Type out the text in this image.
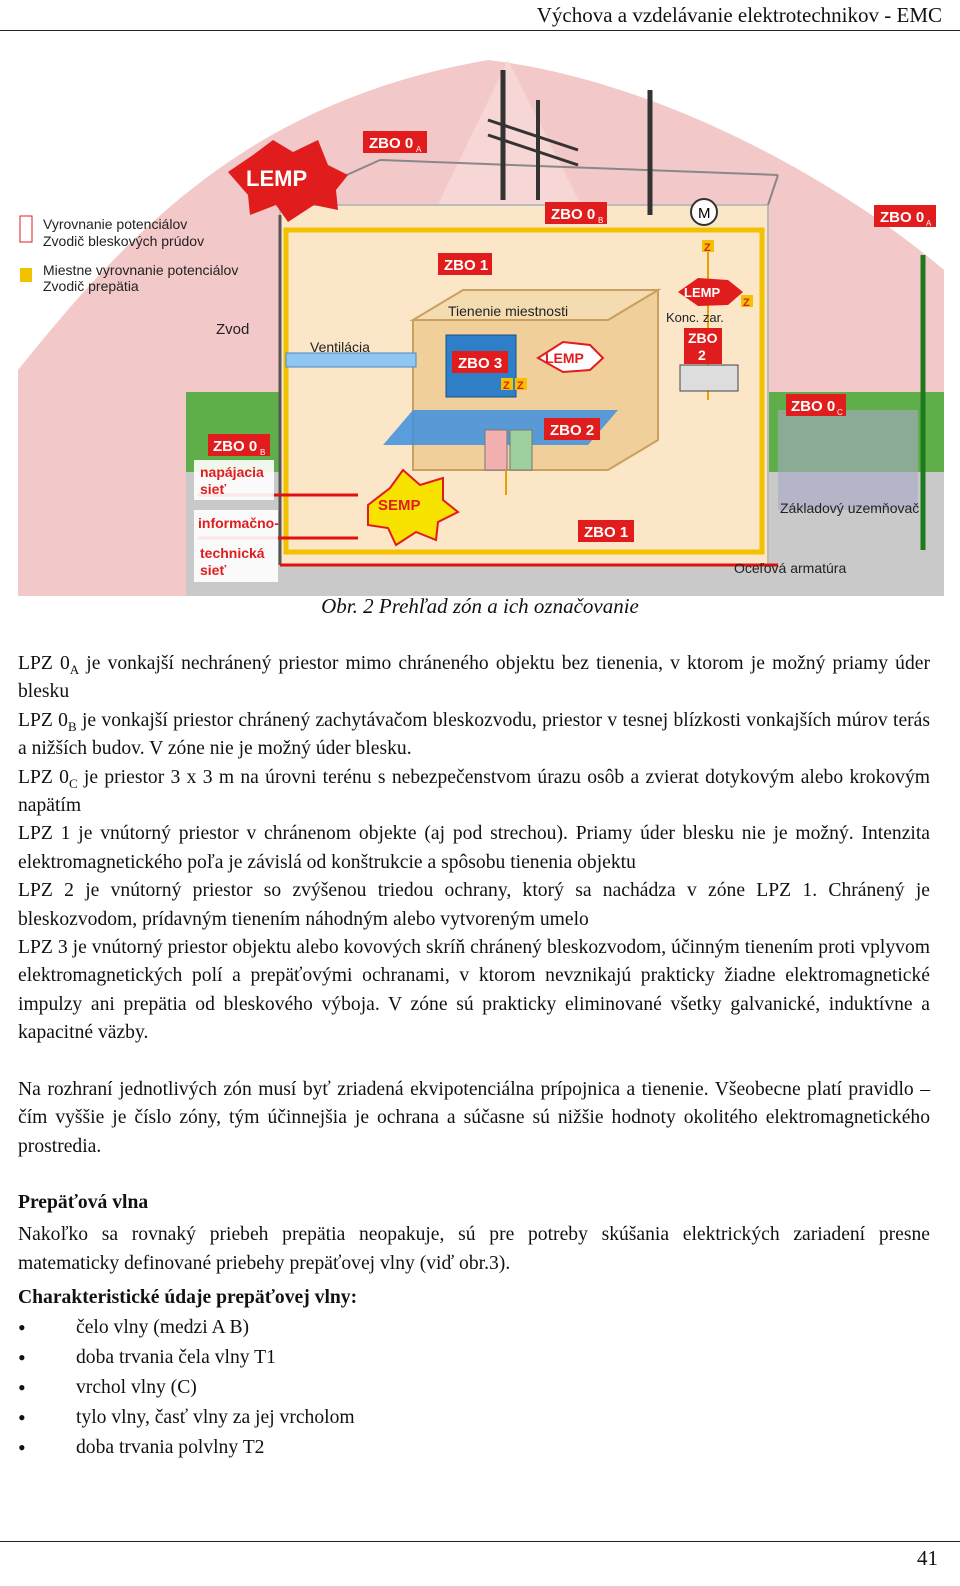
Výchova a vzdelávanie elektrotechnikov - EMC
M
LEMP
SEMP
ZBO 0 A
ZBO 0 A
ZBO 0 B
ZBO 1
ZBO 3	LEMP
LEMP
ZBO 2
ZBO
2
ZBO 0 C
ZBO 0 B
ZBO 1
napájacia
sieť
informačno-
technická
sieť
Ventilácia
Tienenie miestnosti	Konc. zar.
Základový uzemňovač
Oceľová armatúra
Z Z
Z
Z
Vyrovnanie potenciálov
Zvodič bleskových prúdov
Miestne vyrovnanie potenciálov
Zvodič prepätia
Zvod
Obr. 2 Prehľad zón a ich označovanie

LPZ $0_A$ je vonkajší nechránený priestor mimo chráneného objektu bez tienenia, v ktorom je možný priamy úder blesku

LPZ $0_B$ je vonkajší priestor chránený zachytávačom bleskozvodu, priestor v tesnej blízkosti vonkajších múrov terás a nižších budov. V zóne nie je možný úder blesku.

LPZ $0_C$ je priestor 3 x 3 m na úrovni terénu s nebezpečenstvom úrazu osôb a zvierat dotykovým alebo krokovým napätím

LPZ 1 je vnútorný priestor v chránenom objekte (aj pod strechou). Priamy úder blesku nie je možný. Intenzita elektromagnetického poľa je závislá od konštrukcie a spôsobu tienenia objektu

LPZ 2 je vnútorný priestor so zvýšenou triedou ochrany, ktorý sa nachádza v zóne LPZ 1. Chránený je bleskozvodom, prídavným tienením náhodným alebo vytvoreným umelo

LPZ 3 je vnútorný priestor objektu alebo kovových skríň chránený bleskozvodom, účinným tienením proti vplyvom elektromagnetických polí a prepäťovými ochranami, v ktorom nevznikajú prakticky žiadne elektromagnetické impulzy ani prepätia od bleskového výboja. V zóne sú prakticky eliminované všetky galvanické, induktívne a kapacitné väzby.

Na rozhraní jednotlivých zón musí byť zriadená ekvipotenciálna prípojnica a tienenie. Všeobecne platí pravidlo – čím vyššie je číslo zóny, tým účinnejšia je ochrana a súčasne sú nižšie hodnoty okolitého elektromagnetického prostredia.

Prepäťová vlna

Nakoľko sa rovnaký priebeh prepätia neopakuje, sú pre potreby skúšania elektrických zariadení presne matematicky definované priebehy prepäťovej vlny (viď obr.3).

Charakteristické údaje prepäťovej vlny:
• čelo vlny (medzi A B)
• doba trvania čela vlny T1
• vrchol vlny (C)
• tylo vlny, časť vlny za jej vrcholom
• doba trvania polvlny T2
41
